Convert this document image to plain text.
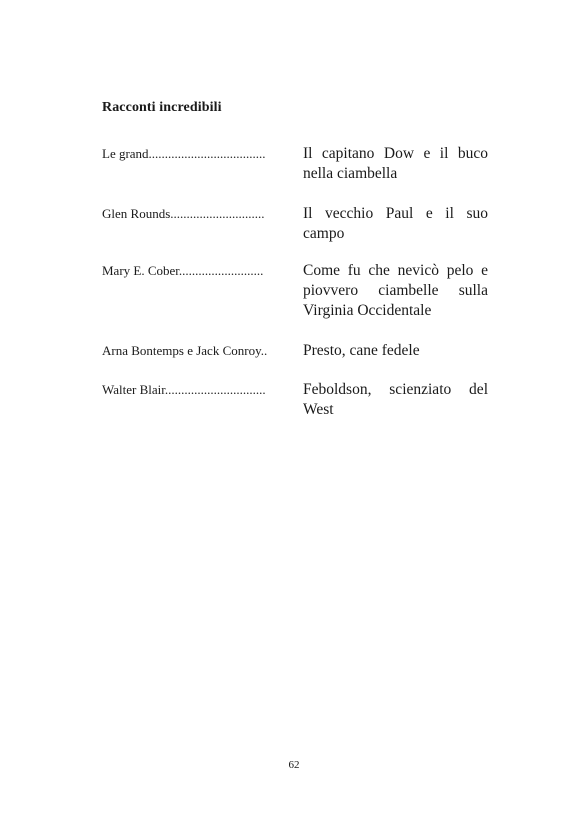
Racconti incredibili
Le grand....................................	Il capitano Dow e il buco nella ciambella
Glen Rounds.............................	Il vecchio Paul e il suo campo
Mary E. Cober..........................	Come fu che nevicò pelo e piovvero ciambelle sulla Virginia Occidentale
Arna Bontemps e Jack Conroy..	Presto, cane fedele
Walter Blair...............................	Feboldson, scienziato del West
62
